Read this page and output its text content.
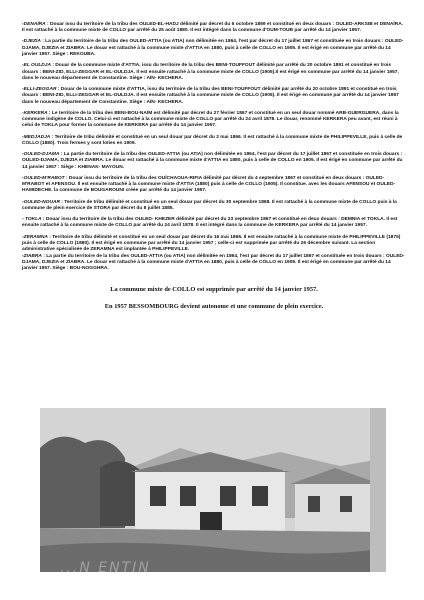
-DENAÏRA : Douar issu du territoire de la tribu des OULED-EL-HADJ délimité par décret du 6 octobre 1869 et constitué en deux douars : OULED-ARKSIB et DENAÏRA. Il est rattaché à la commune mixte de COLLO par arrêté du 25 août 1880. Il est intégré dans la commune d'OUM-TOUB par arrêté du 14 janvier 1957.

-DJEZIA : La partie du territoire de la tribu des OULED-ATTIA (ou ATIA) non délimitée en 1864, l'est par décret du 17 juillet 1867 et constituée en trois douars : OULED-DJAMA, DJEZIA et ZIABRA. Le douar est rattaché à la commune mixte d'ATTIA en 1880, puis à celle de COLLO en 1905. Il est érigé en commune par arrêté du 14 janvier 1957. Siège : REKOUBA.

-EL OULDJA : Douar de la commune mixte d'ATTIA, issu du territoire de la tribu des BENI-TOUFFOUT délimité par arrêté du 20 octobre 1891 et constitué en trois douars : BENI-ZID, ELLI-ZEGGAR et EL-OULDJA. Il est ensuite rattaché à la commune mixte de COLLO (1905).Il est érigé en commune par arrêté du 14 janvier 1957, dans le nouveau département de Constantine. Siège : AÏN- KECHERA.

-ELLI-ZEGGAR : Douar de la commune mixte d'ATTIA, issu du territoire de la tribu des BENI-TOUFFOUT délimité par arrêté du 20 octobre 1891 et constitué en trois douars : BENI-ZID, ELLI-ZEGGAR et EL-OULDJA. Il est ensuite rattaché à la commune mixte de COLLO (1905). Il est érigé en commune par arrêté du 14 janvier 1957 dans le nouveau département de Constantine. Siège : AÏN- KECHERA.

-KERKERA : Le territoire de la tribu des BENI-BOU-NAÏM est délimité par décret du 27 février 1867 et constitué en un seul douar nommé ARB-GUERGUERA, dans la commune indigène de COLLO. Celui-ci est rattaché à la commune mixte de COLLO par arrêté du 24 avril 1878. Le douar, renommé KERKERA peu avant, est réuni à celui de TOKLA pour former la commune de KERKERA par arrêté du 14 janvier 1957.

-MEDJADJA : Territoire de tribu délimité et constitué en un seul douar par décret du 2 mai 1866. Il est rattaché à la commune mixte de PHILIPPEVILLE, puis à celle de COLLO (1880). Trois fermes y sont loties en 1909.

-OULED-DJAMA : La partie du territoire de la tribu des OULED-ATTIA (ou ATIA) non délimitée en 1864, l'est par décret du 17 juillet 1867 et constituée en trois douars : OULED-DJAMA, DJEZIA et ZIABRA. Le douar est rattaché à la commune mixte d'ATTIA en 1880, puis à celle de COLLO en 1905. Il est érigé en commune par arrêté du 14 janvier 1957 : Siège : KHENAK- MAYOUN.

-OULED-M'RABOT : Douar issu du territoire de la tribu des OUÏCHAOUA-RIFIA délimité par décret du 4 septembre 1867 et constitué en deux douars : OULED- M'RABOT et AFENSOU. Il est ensuite rattaché à la commune mixte d'ATTIA (1880) puis à celle de COLLO (1905). Il constitue. avec les douars AFENSOU et OULED-HAMIDECHE. la commune de BOUGAROUNI créée par arrêté du 14 janvier 1957.

-OULED-NOUAR : Territoire de tribu délimité et constitué en un seul douar par décret du 30 septembre 1868. Il est rattaché à la commune mixte de COLLO puis à la commune de plein exercice de STORA par décret du 8 juillet 1885.

- TOKLA : Douar issu du territoire de la tribu des OULED- KHEZER délimité par décret du 23 septembre 1867 et constitué en deux douars : DEMNIA et TOKLA. Il est ensuite rattaché à la commune mixte de COLLO par arrêté du 24 avril 1878. Il est intégré dans la commune de KERKERA par arrêté du 14 janvier 1957.

-ZERAMNA : Territoire de tribu délimité et constitué en un seul douar par décret du 16 mai 1866. Il est ensuite rattaché à la commune mixte de PHILIPPEVILLE (1875) puis à celle de COLLO (1880). Il est érigé en commune par arrêté du 14 janvier 1957 ; celle-ci est supprimée par arrêté du 26 décembre suivant. La section administrative spécialisée de ZERAMNA est implantée à PHILIPPEVILLE.

-ZIABRA : La partie du territoire de la tribu des OULED-ATTIA (ou ATIA) non délimitée en 1864, l'est par décret du 17 juillet 1867 et constituée en trois douars : OULED-DJAMA, DJEZIA et ZIABRA. Le douar est rattaché à la commune mixte d'ATTIA en 1880, puis à celle de COLLO en 1905. Il est érigé en commune par arrêté du 14 janvier 1957. Siège : BOU-NOGGHRA.

La commune mixte de COLLO est supprimée par arrêté du 14 janvier 1957.

En 1957 BESSOMBOURG devient autonome et une commune de plein exercice.

...N ENTIN
